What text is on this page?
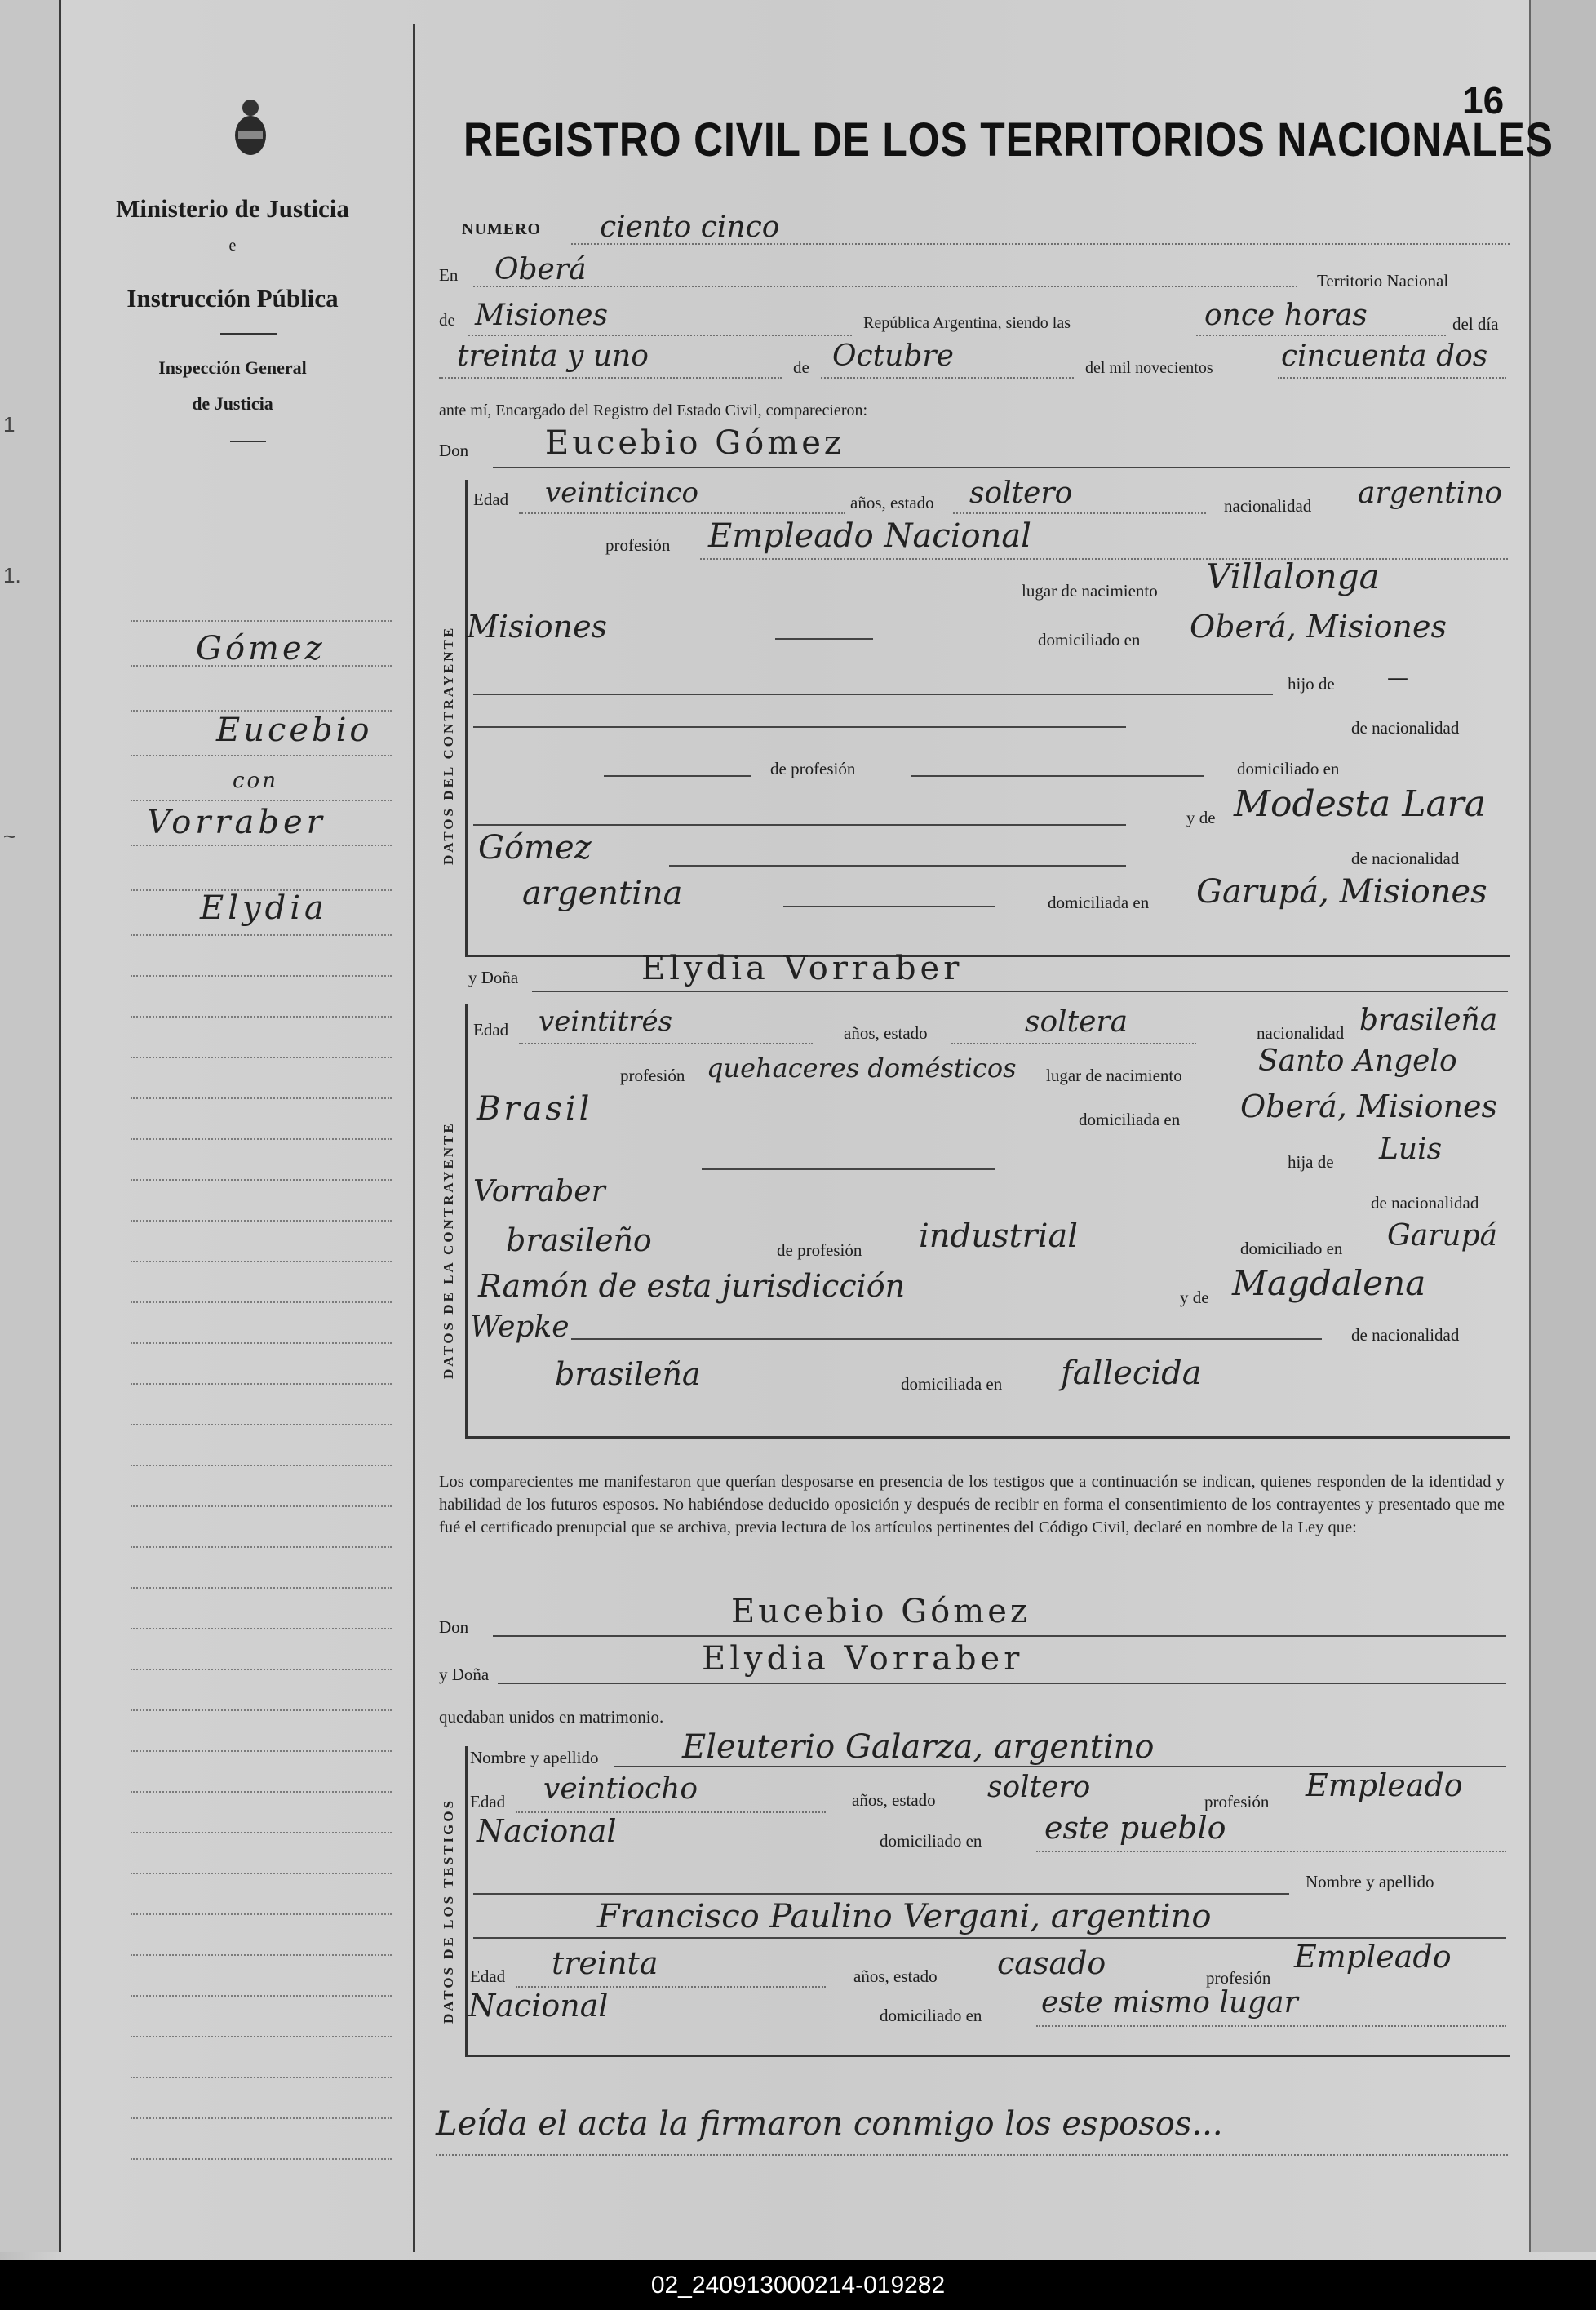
1
1.
~
Ministerio de Justicia
e
Instrucción Pública
Inspección General
de Justicia
Gómez
Eucebio
con
Vorraber
Elydia
REGISTRO CIVIL DE LOS TERRITORIOS NACIONALES
16
NUMERO ciento cinco
En Oberá	Territorio Nacional
de Misiones	República Argentina, siendo las	once horas	del día
treinta y uno	de Octubre	del mil novecientos cincuenta dos
ante mí, Encargado del Registro del Estado Civil, comparecieron:
Don Eucebio Gómez
DATOS DEL CONTRAYENTE
Edad veinticinco	años, estado soltero	nacionalidad argentino
profesión Empleado Nacional
lugar de nacimiento Villalonga
Misiones	domiciliado en Oberá, Misiones
hijo de —
de nacionalidad
de profesión	domiciliado en
y de Modesta Lara
Gómez	de nacionalidad
argentina	domiciliada en Garupá, Misiones
y Doña	Elydia Vorraber
DATOS DE LA CONTRAYENTE
Edad veintitrés	años, estado	soltera	nacionalidad brasileña
profesión quehaceres domésticos lugar de nacimiento	Santo Angelo
Brasil	domiciliada en Oberá, Misiones
hija de Luis
Vorraber	de nacionalidad
brasileño	de profesión industrial	domiciliado en Garupá
Ramón de esta jurisdicción	y de Magdalena
Wepke	de nacionalidad
brasileña	domiciliada en fallecida
Los comparecientes me manifestaron que querían desposarse en presencia de los testigos que a continuación se indican, quienes responden de la identidad y habilidad de los futuros esposos. No habiéndose deducido oposición y después de recibir en forma el consentimiento de los contrayentes y presentado que me fué el certificado prenupcial que se archiva, previa lectura de los artículos pertinentes del Código Civil, declaré en nombre de la Ley que:
Don	Eucebio Gómez
y Doña	Elydia Vorraber
quedaban unidos en matrimonio.
DATOS DE LOS TESTIGOS
Nombre y apellido	Eleuterio Galarza, argentino
Edad veintiocho	años, estado soltero	profesión Empleado
Nacional	domiciliado en este pueblo
Nombre y apellido
Francisco Paulino Vergani, argentino
Edad treinta	años, estado casado	profesión
Empleado
Nacional	domiciliado en este mismo lugar
Leída el acta la firmaron conmigo los esposos...
02_240913000214-019282
